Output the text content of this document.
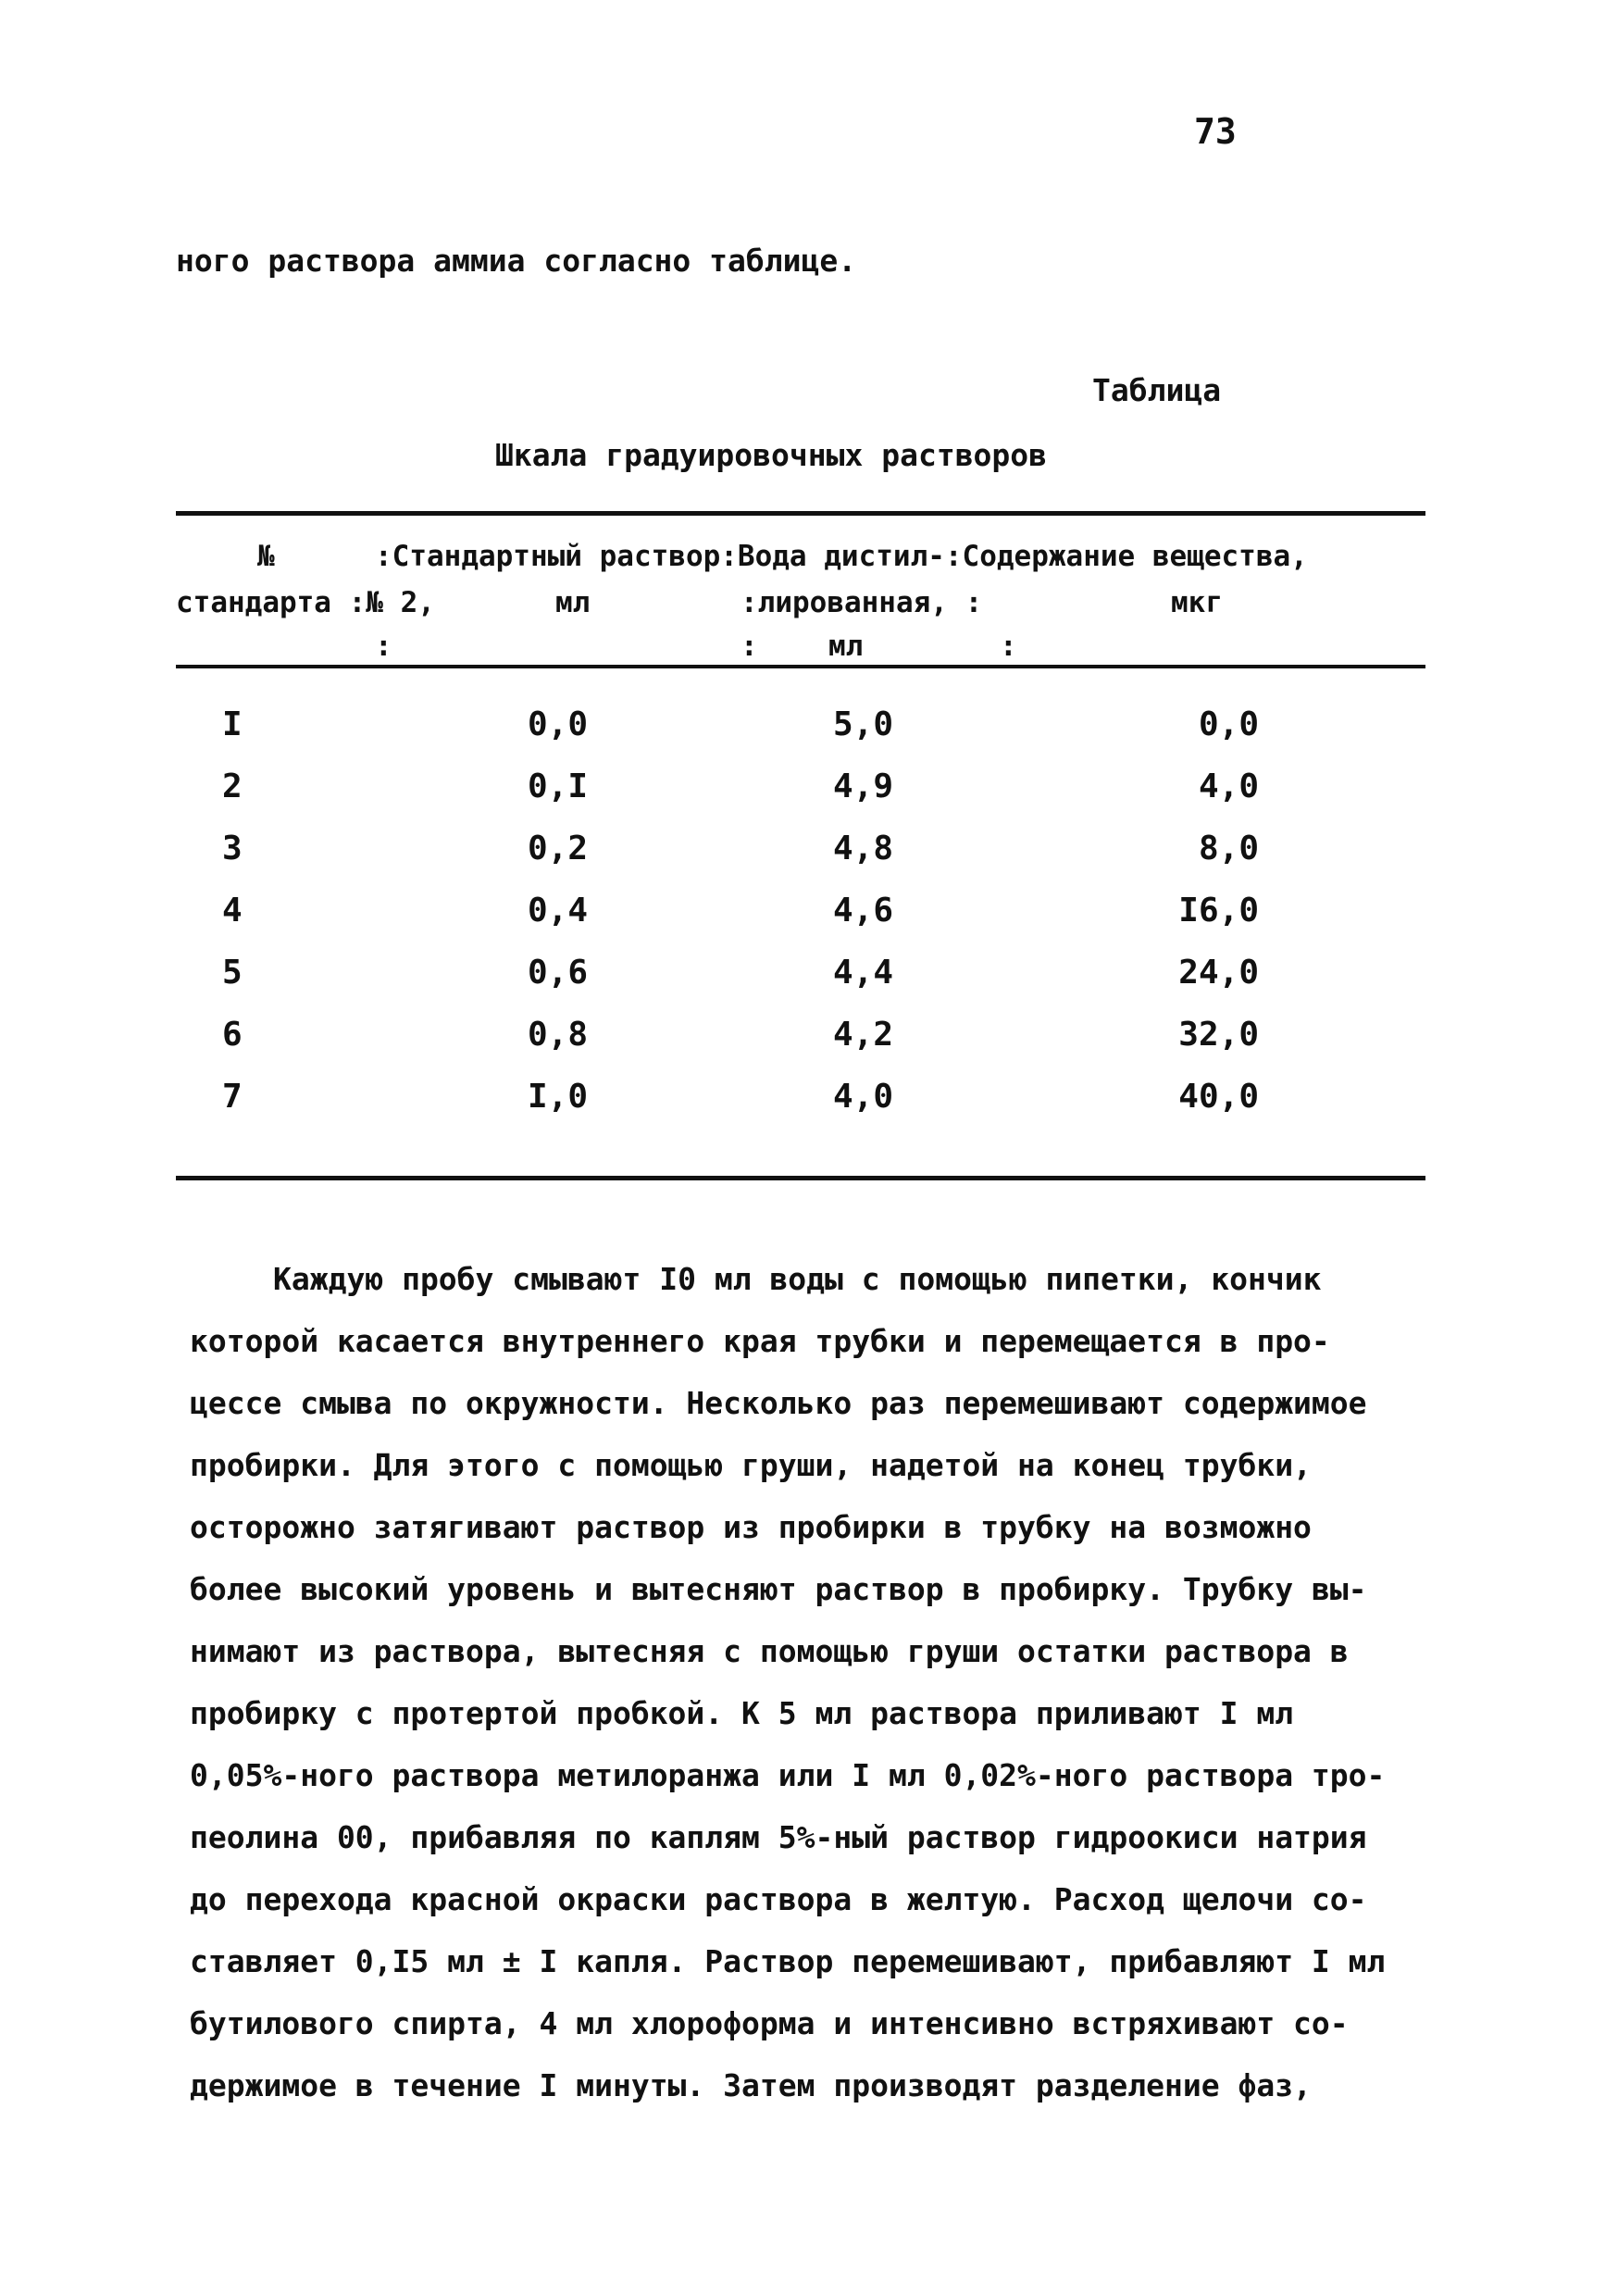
73
ного раствора аммиа согласно таблице.
Таблица
Шкала градуировочных растворов
№	:Стандартный раствор:Вода дистил-:Содержание вещества,
стандарта :№ 2,	мл	:лированная, :	мкг
:	: мл	:
I	0,0	5,0	0,0
2	0,I	4,9	4,0
3	0,2	4,8	8,0
4	0,4	4,6	I6,0
5	0,6	4,4	24,0
6	0,8	4,2	32,0
7	I,0	4,0	40,0
Каждую пробу смывают I0 мл воды с помощью пипетки, кончик
которой касается внутреннего края трубки и перемещается в про-
цессе смыва по окружности. Несколько раз перемешивают содержимое
пробирки. Для этого с помощью груши, надетой на конец трубки,
осторожно затягивают раствор из пробирки в трубку на возможно
более высокий уровень и вытесняют раствор в пробирку. Трубку вы-
нимают из раствора, вытесняя с помощью груши остатки раствора в
пробирку с протертой пробкой. К 5 мл раствора приливают I мл
0,05%-ного раствора метилоранжа или I мл 0,02%-ного раствора тро-
пеолина 00, прибавляя по каплям 5%-ный раствор гидроокиси натрия
до перехода красной окраски раствора в желтую. Расход щелочи со-
ставляет 0,I5 мл ± I капля. Раствор перемешивают, прибавляют I мл
бутилового спирта, 4 мл хлороформа и интенсивно встряхивают со-
держимое в течение I минуты. Затем производят разделение фаз,
